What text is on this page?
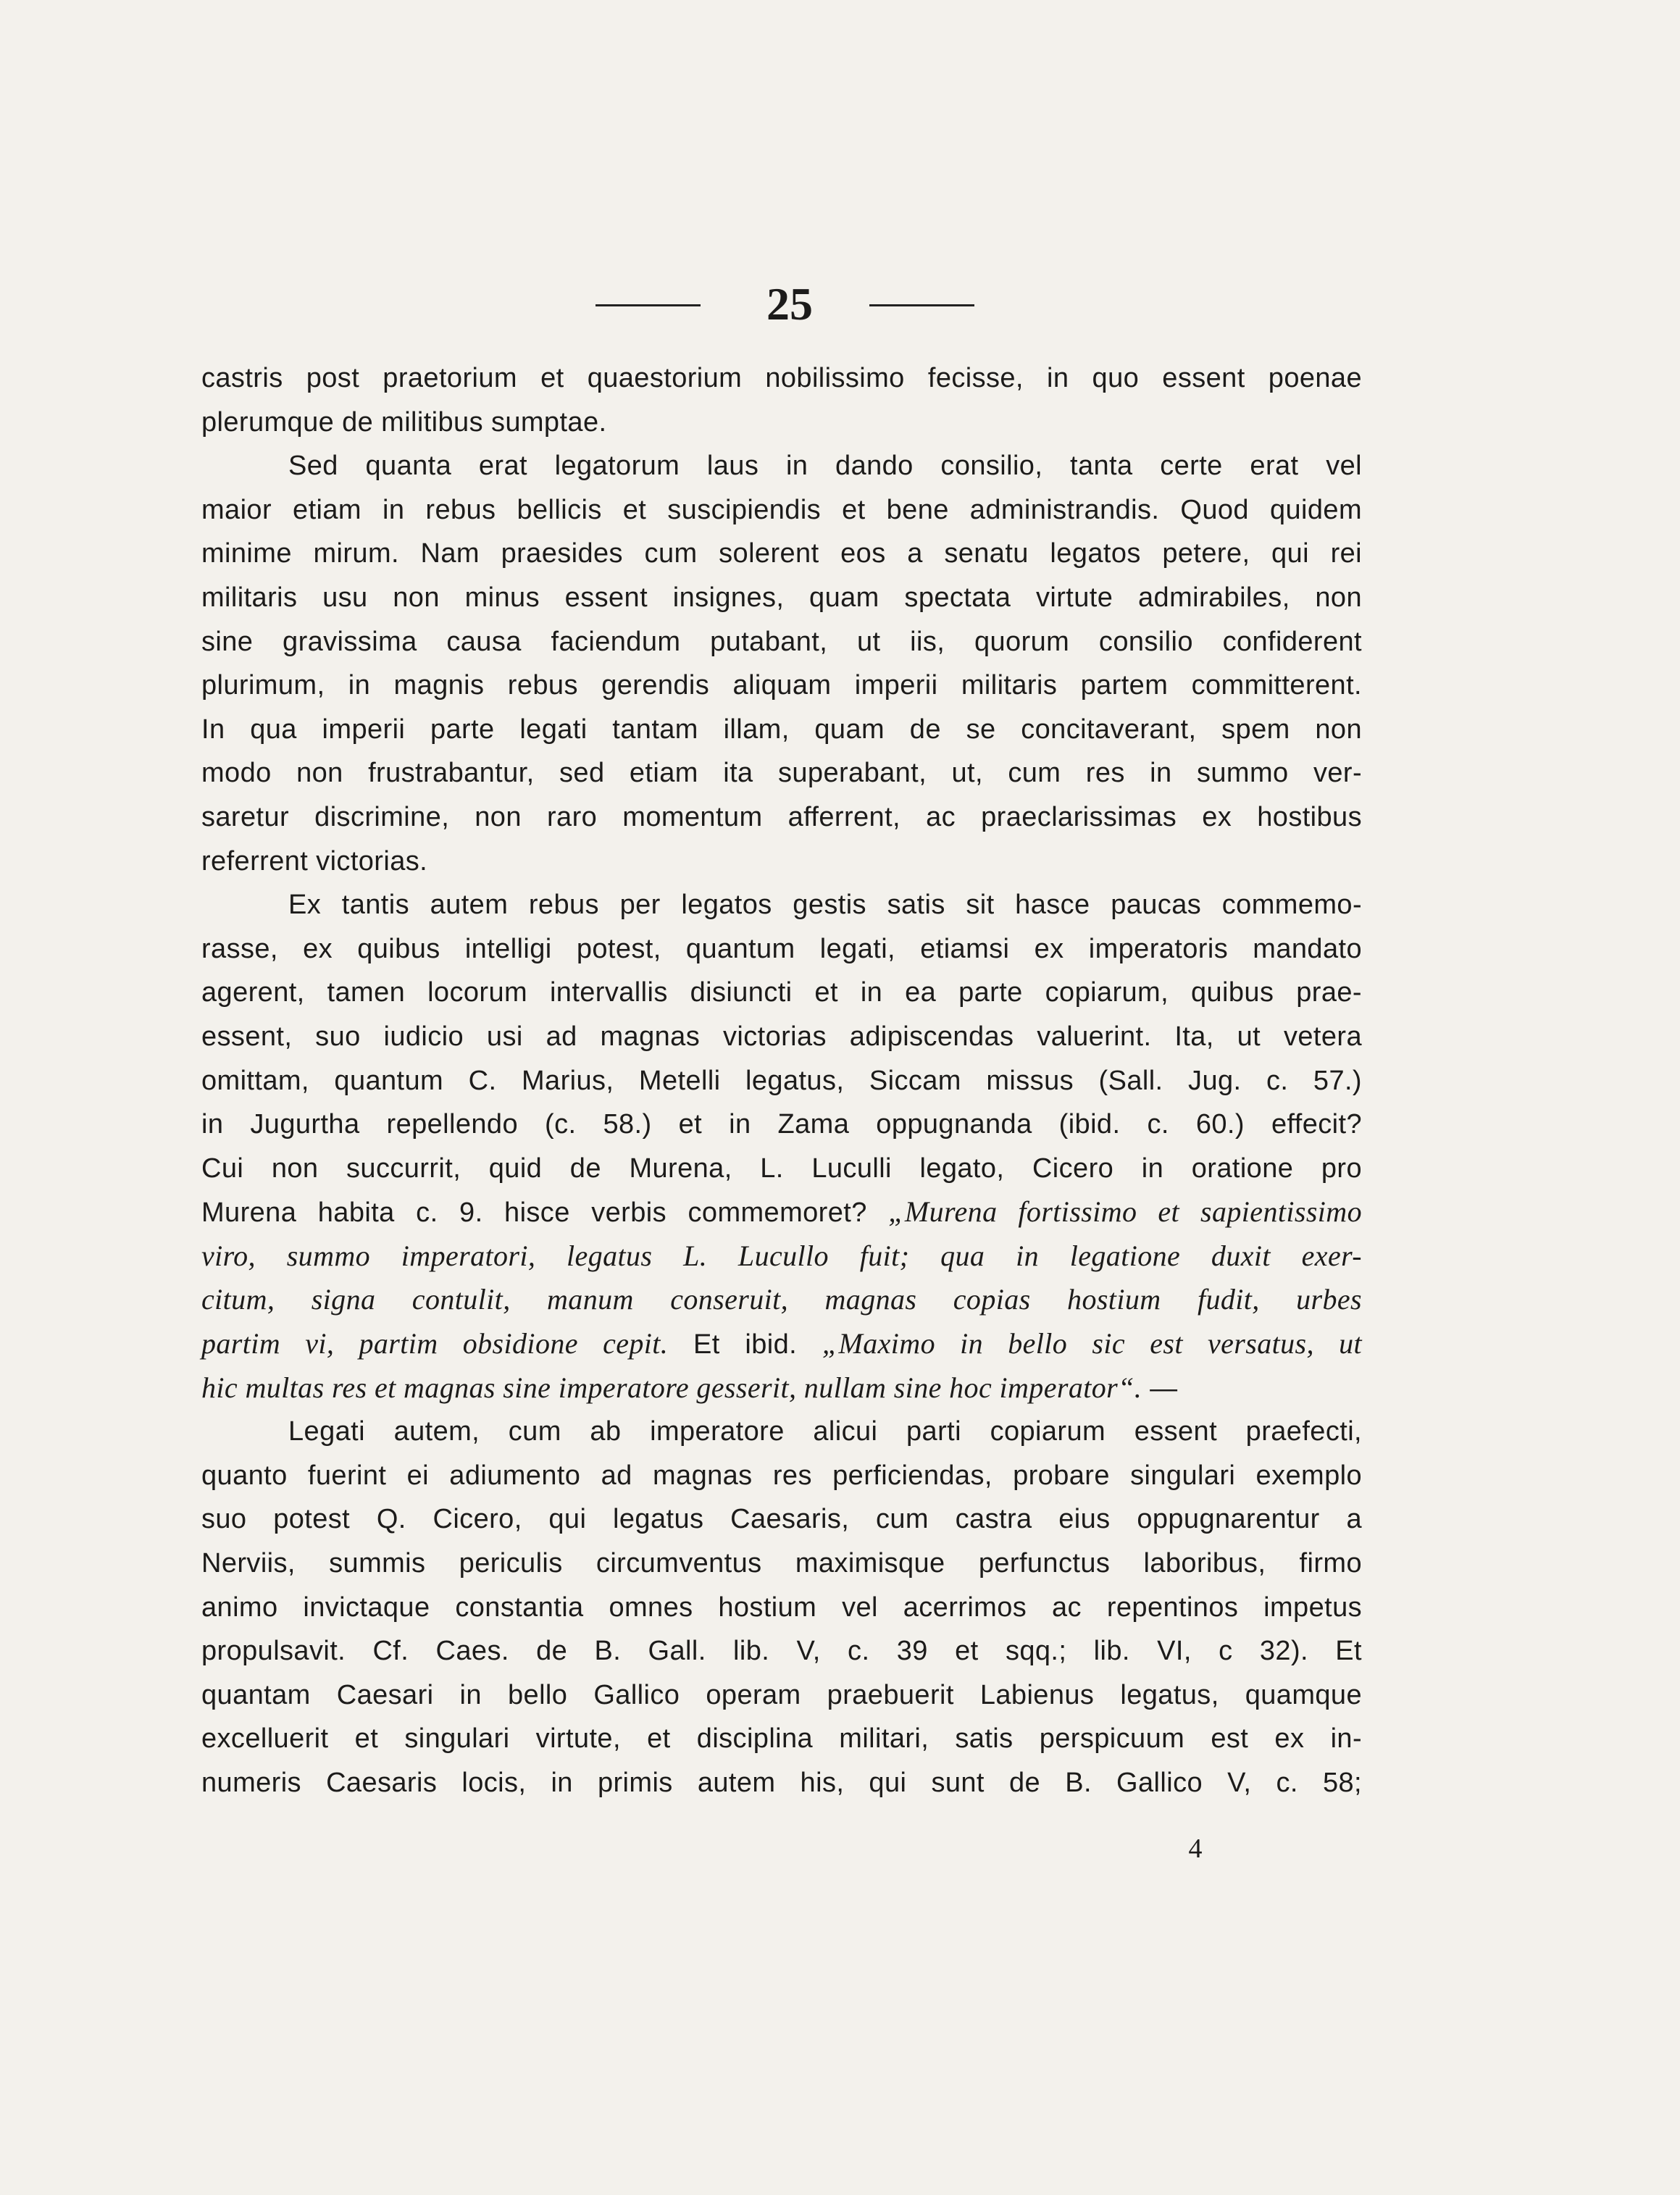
25
castris post praetorium et quaestorium nobilissimo fecisse, in quo essent poenae
plerumque de militibus sumptae.
Sed quanta erat legatorum laus in dando consilio, tanta certe erat vel
maior etiam in rebus bellicis et suscipiendis et bene administrandis. Quod quidem
minime mirum. Nam praesides cum solerent eos a senatu legatos petere, qui rei
militaris usu non minus essent insignes, quam spectata virtute admirabiles, non
sine gravissima causa faciendum putabant, ut iis, quorum consilio confiderent
plurimum, in magnis rebus gerendis aliquam imperii militaris partem committerent.
In qua imperii parte legati tantam illam, quam de se concitaverant, spem non
modo non frustrabantur, sed etiam ita superabant, ut, cum res in summo ver-
saretur discrimine, non raro momentum afferrent, ac praeclarissimas ex hostibus
referrent victorias.
Ex tantis autem rebus per legatos gestis satis sit hasce paucas commemo-
rasse, ex quibus intelligi potest, quantum legati, etiamsi ex imperatoris mandato
agerent, tamen locorum intervallis disiuncti et in ea parte copiarum, quibus prae-
essent, suo iudicio usi ad magnas victorias adipiscendas valuerint. Ita, ut vetera
omittam, quantum C. Marius, Metelli legatus, Siccam missus (Sall. Jug. c. 57.)
in Jugurtha repellendo (c. 58.) et in Zama oppugnanda (ibid. c. 60.) effecit?
Cui non succurrit, quid de Murena, L. Luculli legato, Cicero in oratione pro
Murena habita c. 9. hisce verbis commemoret? „Murena fortissimo et sapientissimo
viro, summo imperatori, legatus L. Lucullo fuit; qua in legatione duxit exer-
citum, signa contulit, manum conseruit, magnas copias hostium fudit, urbes
partim vi, partim obsidione cepit. Et ibid. „Maximo in bello sic est versatus, ut
hic multas res et magnas sine imperatore gesserit, nullam sine hoc imperator“. —
Legati autem, cum ab imperatore alicui parti copiarum essent praefecti,
quanto fuerint ei adiumento ad magnas res perficiendas, probare singulari exemplo
suo potest Q. Cicero, qui legatus Caesaris, cum castra eius oppugnarentur a
Nerviis, summis periculis circumventus maximisque perfunctus laboribus, firmo
animo invictaque constantia omnes hostium vel acerrimos ac repentinos impetus
propulsavit. Cf. Caes. de B. Gall. lib. V, c. 39 et sqq.; lib. VI, c 32). Et
quantam Caesari in bello Gallico operam praebuerit Labienus legatus, quamque
excelluerit et singulari virtute, et disciplina militari, satis perspicuum est ex in-
numeris Caesaris locis, in primis autem his, qui sunt de B. Gallico V, c. 58;
4
